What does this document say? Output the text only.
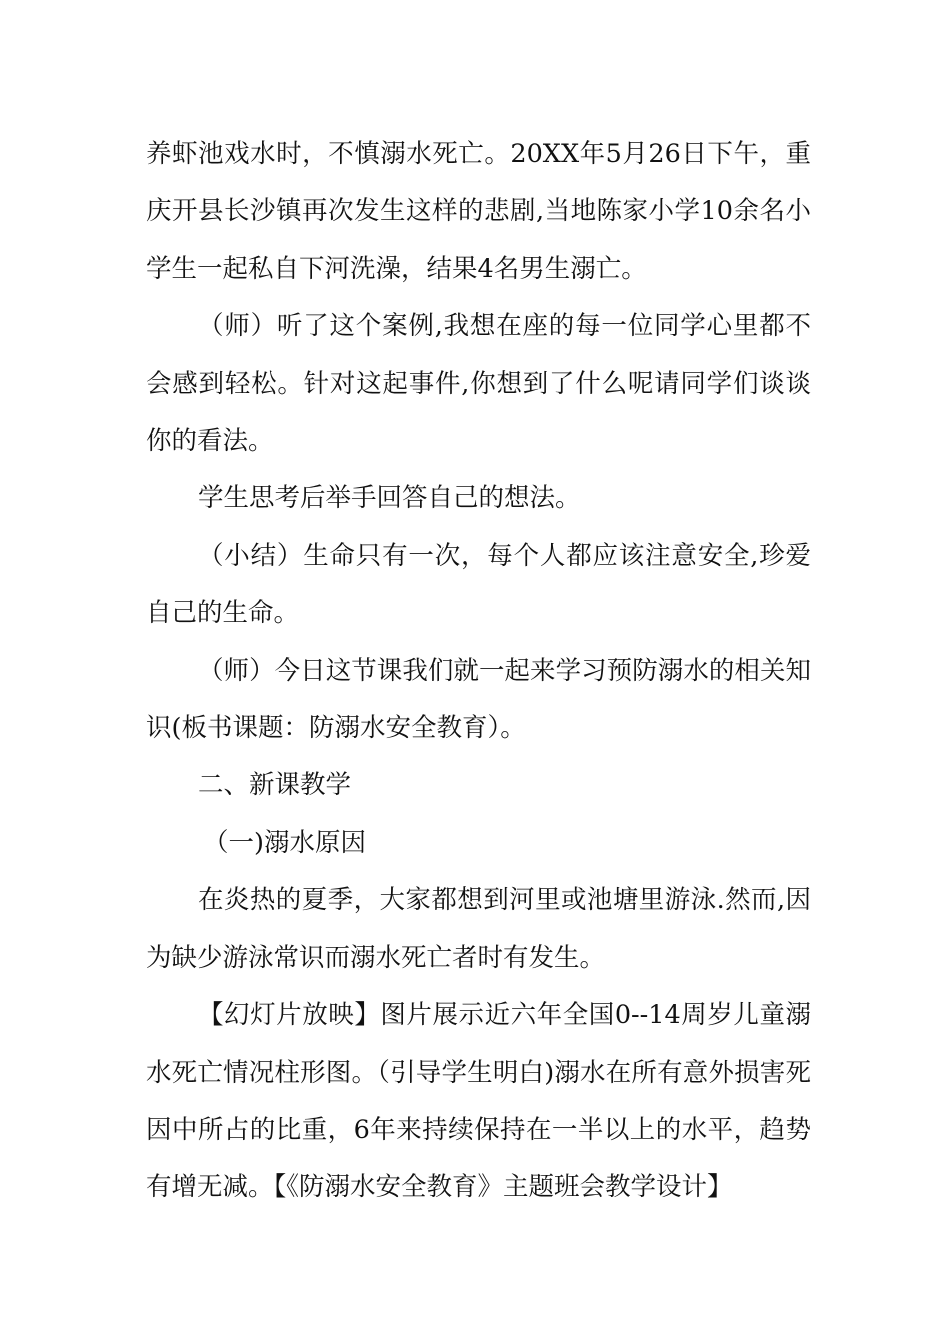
养虾池戏水时，不慎溺水死亡。20XX年5月26日下午，重庆开县长沙镇再次发生这样的悲剧,当地陈家小学10余名小学生一起私自下河洗澡，结果4名男生溺亡。

（师）听了这个案例,我想在座的每一位同学心里都不会感到轻松。针对这起事件,你想到了什么呢请同学们谈谈你的看法。

学生思考后举手回答自己的想法。

（小结）生命只有一次，每个人都应该注意安全,珍爱自己的生命。

（师）今日这节课我们就一起来学习预防溺水的相关知识(板书课题：防溺水安全教育）。

二、新课教学

（一)溺水原因

在炎热的夏季，大家都想到河里或池塘里游泳.然而,因为缺少游泳常识而溺水死亡者时有发生。

【幻灯片放映】图片展示近六年全国0--14周岁儿童溺水死亡情况柱形图。（引导学生明白)溺水在所有意外损害死因中所占的比重，6年来持续保持在一半以上的水平，趋势有增无减。【《防溺水安全教育》主题班会教学设计】
